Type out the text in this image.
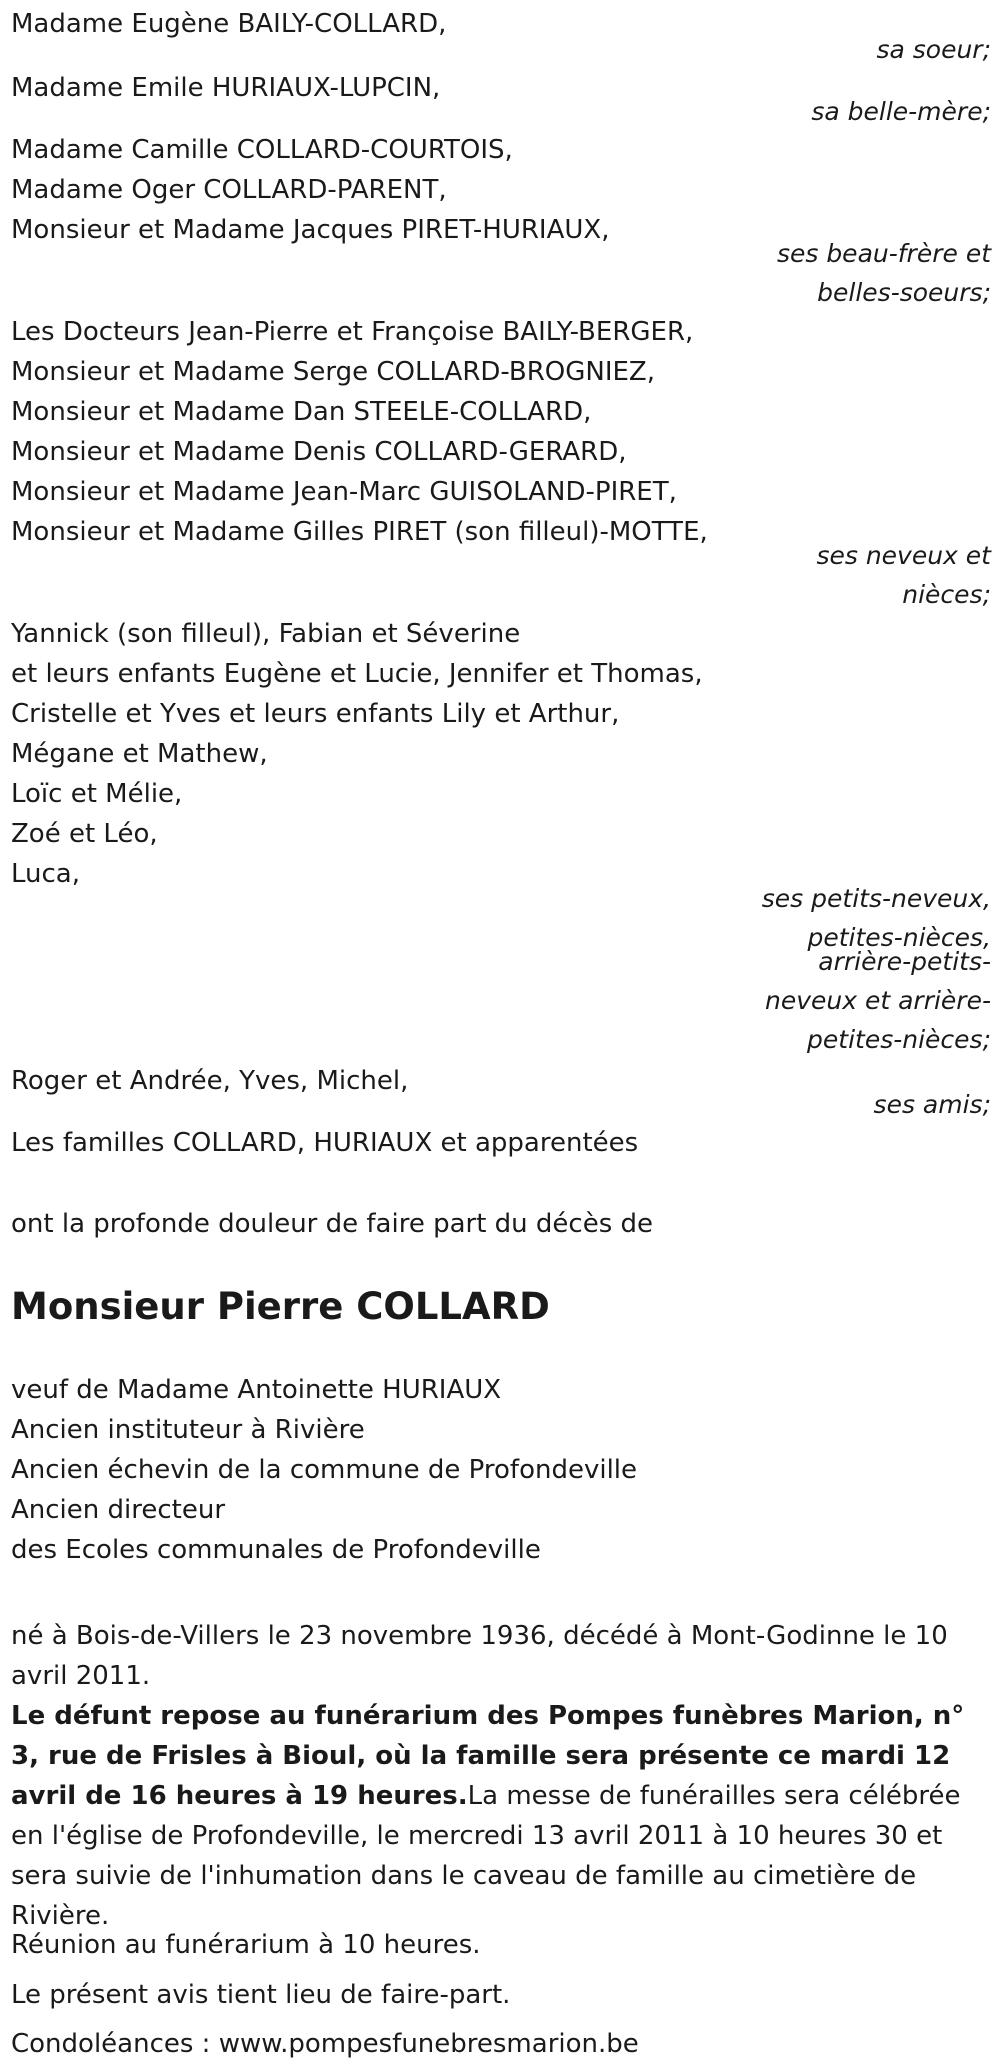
Madame Eugène BAILY-COLLARD,

sa soeur;

Madame Emile HURIAUX-LUPCIN,

sa belle-mère;

Madame Camille COLLARD-COURTOIS,

Madame Oger COLLARD-PARENT,

Monsieur et Madame Jacques PIRET-HURIAUX,

ses beau-frère et

belles-soeurs;

Les Docteurs Jean-Pierre et Françoise BAILY-BERGER,

Monsieur et Madame Serge COLLARD-BROGNIEZ,

Monsieur et Madame Dan STEELE-COLLARD,

Monsieur et Madame Denis COLLARD-GERARD,

Monsieur et Madame Jean-Marc GUISOLAND-PIRET,

Monsieur et Madame Gilles PIRET (son filleul)-MOTTE,

ses neveux et

nièces;

Yannick (son filleul), Fabian et Séverine

et leurs enfants Eugène et Lucie, Jennifer et Thomas,

Cristelle et Yves et leurs enfants Lily et Arthur,

Mégane et Mathew,

Loïc et Mélie,

Zoé et Léo,

Luca,

ses petits-neveux,

petites-nièces,

arrière-petits-

neveux et arrière-

petites-nièces;

Roger et Andrée, Yves, Michel,

ses amis;

Les familles COLLARD, HURIAUX et apparentées

ont la profonde douleur de faire part du décès de

Monsieur Pierre COLLARD

veuf de Madame Antoinette HURIAUX

Ancien instituteur à Rivière

Ancien échevin de la commune de Profondeville

Ancien directeur

des Ecoles communales de Profondeville

né à Bois-de-Villers le 23 novembre 1936, décédé à Mont-Godinne le 10 avril 2011.

Le défunt repose au funérarium des Pompes funèbres Marion, n° 3, rue de Frisles à Bioul, où la famille sera présente ce mardi 12 avril de 16 heures à 19 heures.La messe de funérailles sera célébrée en l'église de Profondeville, le mercredi 13 avril 2011 à 10 heures 30 et sera suivie de l'inhumation dans le caveau de famille au cimetière de Rivière.

Réunion au funérarium à 10 heures.

Le présent avis tient lieu de faire-part.

Condoléances : www.pompesfunebresmarion.be
